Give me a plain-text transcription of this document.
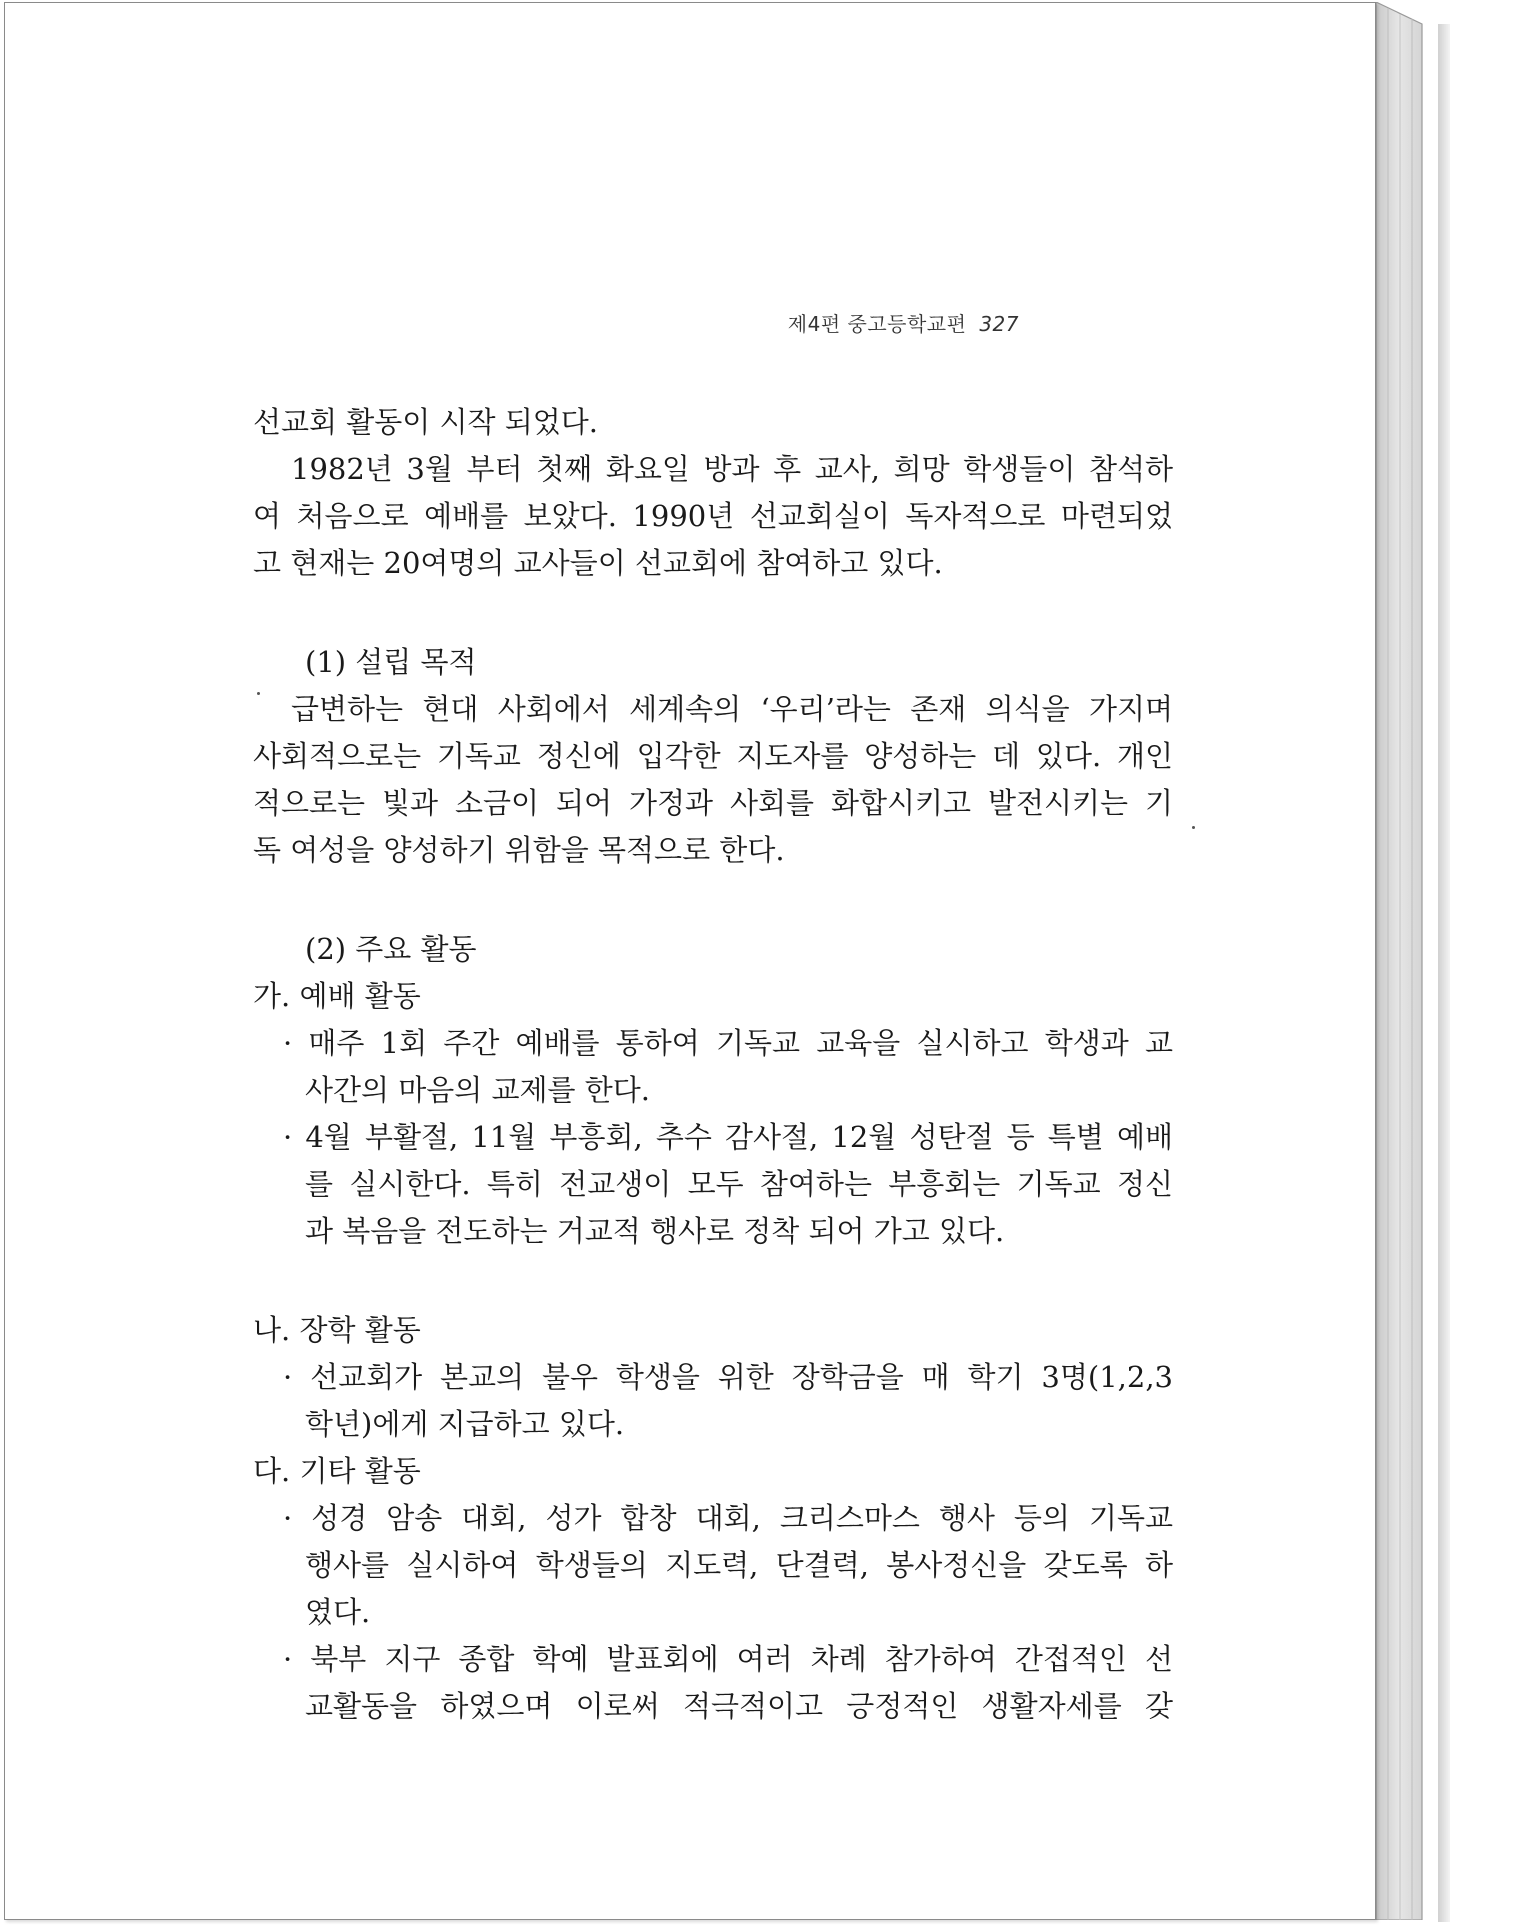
제4편 중고등학교편 327
선교회 활동이 시작 되었다.
1982년 3월 부터 첫째 화요일 방과 후 교사, 희망 학생들이 참석하
여 처음으로 예배를 보았다. 1990년 선교회실이 독자적으로 마련되었
고 현재는 20여명의 교사들이 선교회에 참여하고 있다.
(1) 설립 목적
급변하는 현대 사회에서 세계속의 ‘우리’라는 존재 의식을 가지며
사회적으로는 기독교 정신에 입각한 지도자를 양성하는 데 있다. 개인
적으로는 빛과 소금이 되어 가정과 사회를 화합시키고 발전시키는 기
독 여성을 양성하기 위함을 목적으로 한다.
(2) 주요 활동
가. 예배 활동
· 매주 1회 주간 예배를 통하여 기독교 교육을 실시하고 학생과 교
사간의 마음의 교제를 한다.
· 4월 부활절, 11월 부흥회, 추수 감사절, 12월 성탄절 등 특별 예배
를 실시한다. 특히 전교생이 모두 참여하는 부흥회는 기독교 정신
과 복음을 전도하는 거교적 행사로 정착 되어 가고 있다.
나. 장학 활동
· 선교회가 본교의 불우 학생을 위한 장학금을 매 학기 3명(1,2,3
학년)에게 지급하고 있다.
다. 기타 활동
· 성경 암송 대회, 성가 합창 대회, 크리스마스 행사 등의 기독교
행사를 실시하여 학생들의 지도력, 단결력, 봉사정신을 갖도록 하
였다.
· 북부 지구 종합 학예 발표회에 여러 차례 참가하여 간접적인 선
교활동을 하였으며 이로써 적극적이고 긍정적인 생활자세를 갖
